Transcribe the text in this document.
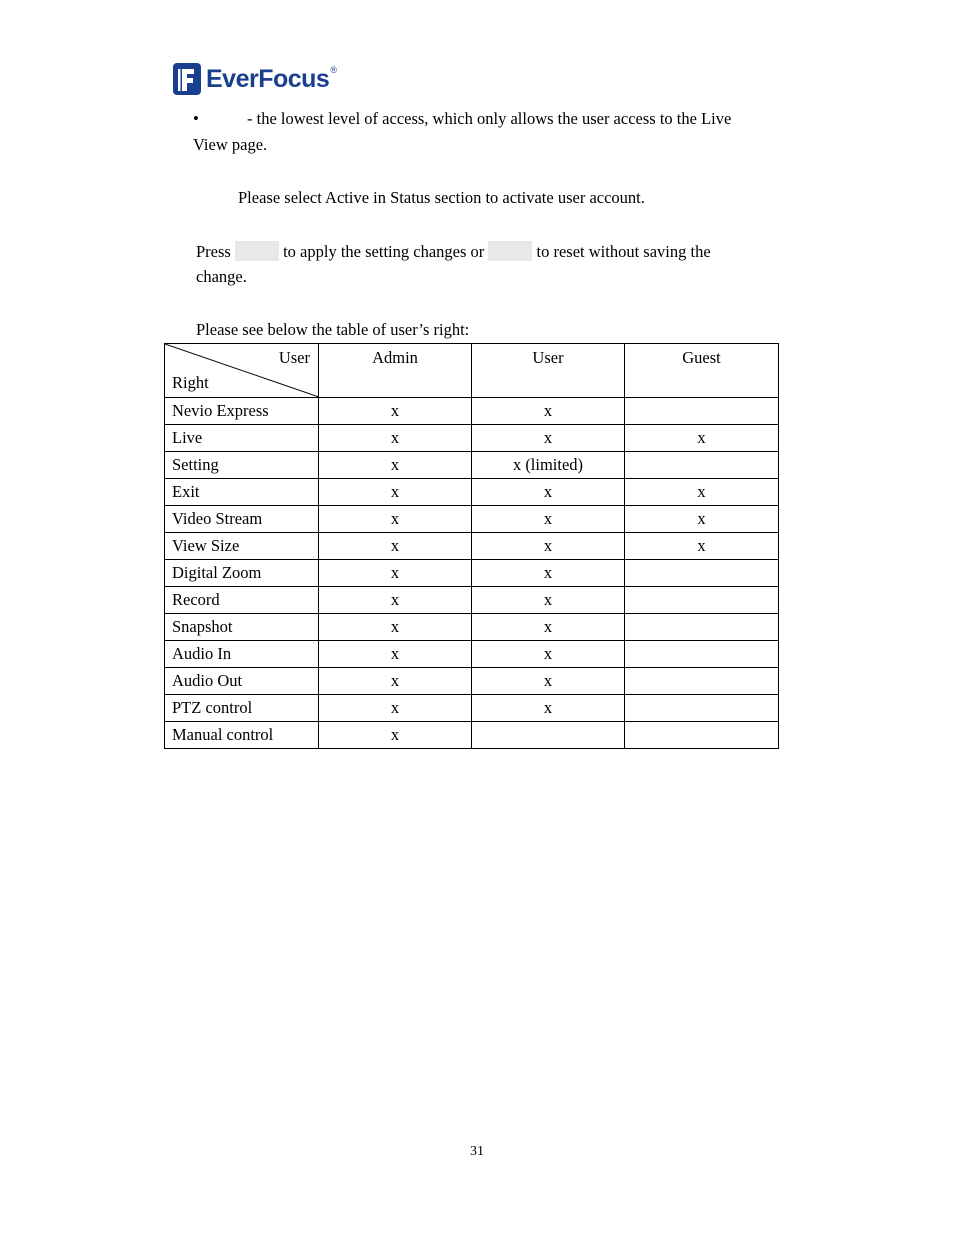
EverFocus ®
•	- the lowest level of access, which only allows the user access to the Live
View page.
Please select Active in Status section to activate user account.
Press	to apply the setting changes or	to reset without saving the
change.
Please see below the table of user’s right:
User
Right	Admin	User	Guest

Nevio Express	x	x	
Live	x	x	x
Setting	x	x (limited)	
Exit	x	x	x
Video Stream	x	x	x
View Size	x	x	x
Digital Zoom	x	x	
Record	x	x	
Snapshot	x	x	
Audio In	x	x	
Audio Out	x	x	
PTZ control	x	x	
Manual control	x		
31
